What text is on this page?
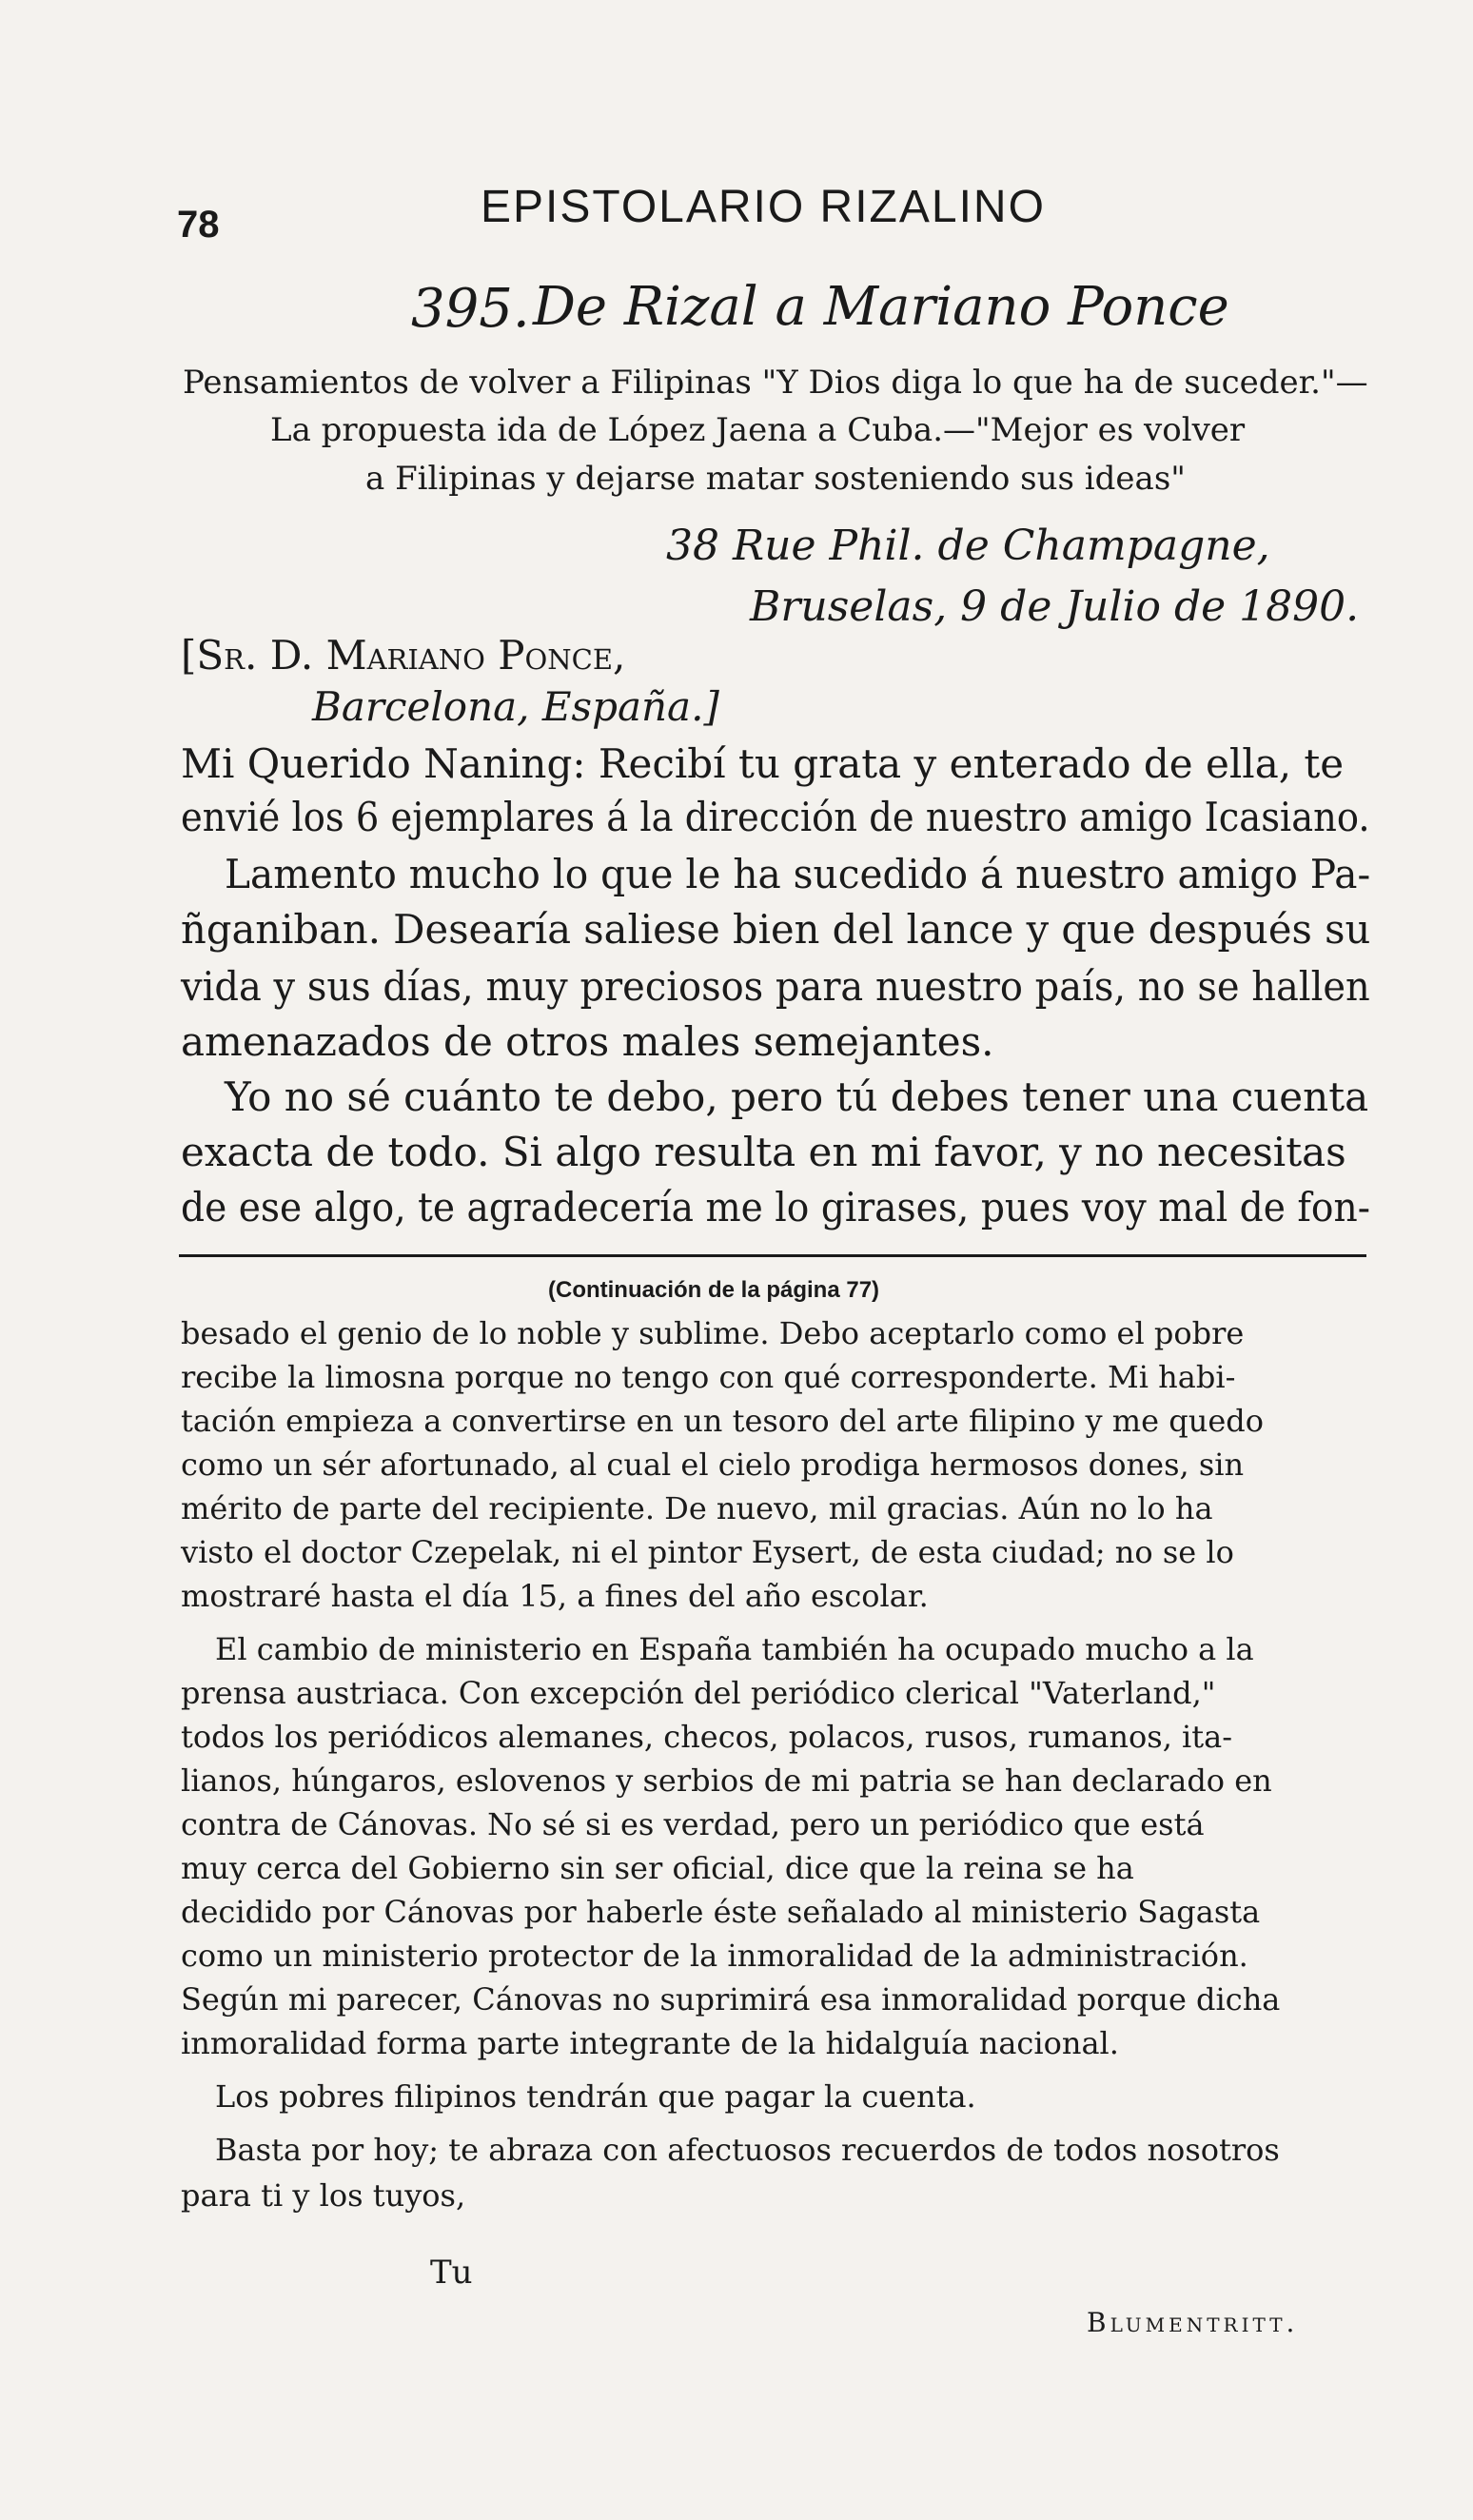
78	EPISTOLARIO RIZALINO
395. De Rizal a Mariano Ponce
Pensamientos de volver a Filipinas "Y Dios diga lo que ha de suceder."—
La propuesta ida de López Jaena a Cuba.—"Mejor es volver
a Filipinas y dejarse matar sosteniendo sus ideas"
38 Rue Phil. de Champagne,
Bruselas, 9 de Julio de 1890.
[Sr. D. Mariano Ponce,
Barcelona, España.]
Mi Querido Naning: Recibí tu grata y enterado de ella, te
envié los 6 ejemplares á la dirección de nuestro amigo Icasiano.
Lamento mucho lo que le ha sucedido á nuestro amigo Pa-
ñganiban. Desearía saliese bien del lance y que después su
vida y sus días, muy preciosos para nuestro país, no se hallen
amenazados de otros males semejantes.
Yo no sé cuánto te debo, pero tú debes tener una cuenta
exacta de todo. Si algo resulta en mi favor, y no necesitas
de ese algo, te agradecería me lo girases, pues voy mal de fon-
(Continuación de la página 77)
besado el genio de lo noble y sublime. Debo aceptarlo como el pobre
recibe la limosna porque no tengo con qué corresponderte. Mi habi-
tación empieza a convertirse en un tesoro del arte filipino y me quedo
como un sér afortunado, al cual el cielo prodiga hermosos dones, sin
mérito de parte del recipiente. De nuevo, mil gracias. Aún no lo ha
visto el doctor Czepelak, ni el pintor Eysert, de esta ciudad; no se lo
mostraré hasta el día 15, a fines del año escolar.
El cambio de ministerio en España también ha ocupado mucho a la
prensa austriaca. Con excepción del periódico clerical "Vaterland,"
todos los periódicos alemanes, checos, polacos, rusos, rumanos, ita-
lianos, húngaros, eslovenos y serbios de mi patria se han declarado en
contra de Cánovas. No sé si es verdad, pero un periódico que está
muy cerca del Gobierno sin ser oficial, dice que la reina se ha
decidido por Cánovas por haberle éste señalado al ministerio Sagasta
como un ministerio protector de la inmoralidad de la administración.
Según mi parecer, Cánovas no suprimirá esa inmoralidad porque dicha
inmoralidad forma parte integrante de la hidalguía nacional.
Los pobres filipinos tendrán que pagar la cuenta.
Basta por hoy; te abraza con afectuosos recuerdos de todos nosotros
para ti y los tuyos,
Tu
Blumentritt.
